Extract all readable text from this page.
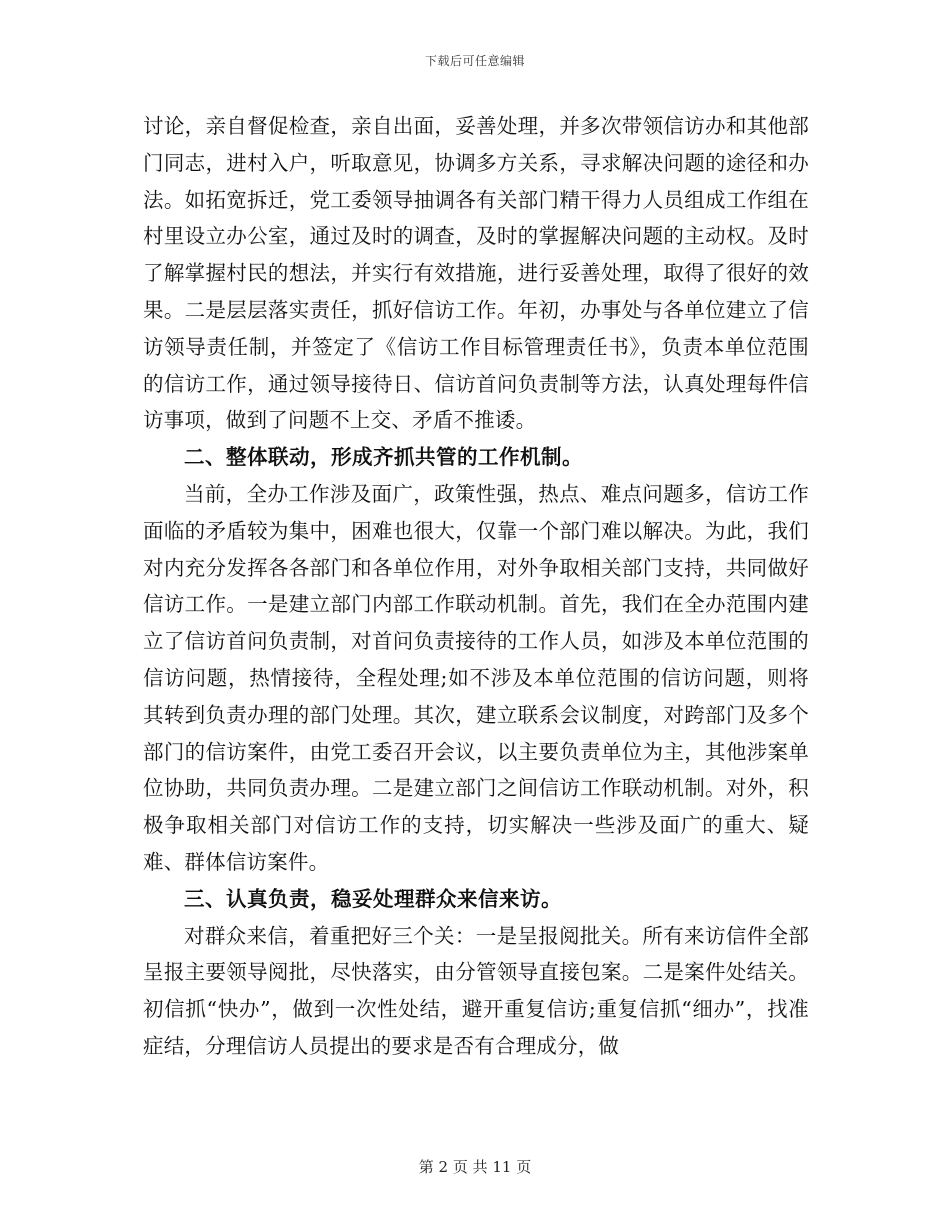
下载后可任意编辑

讨论，亲自督促检查，亲自出面，妥善处理，并多次带领信访办和其他部门同志，进村入户，听取意见，协调多方关系，寻求解决问题的途径和办法。如拓宽拆迁，党工委领导抽调各有关部门精干得力人员组成工作组在村里设立办公室，通过及时的调查，及时的掌握解决问题的主动权。及时了解掌握村民的想法，并实行有效措施，进行妥善处理，取得了很好的效果。二是层层落实责任，抓好信访工作。年初，办事处与各单位建立了信访领导责任制，并签定了《信访工作目标管理责任书》，负责本单位范围的信访工作，通过领导接待日、信访首问负责制等方法，认真处理每件信访事项，做到了问题不上交、矛盾不推诿。

二、整体联动，形成齐抓共管的工作机制。

当前，全办工作涉及面广，政策性强，热点、难点问题多，信访工作面临的矛盾较为集中，困难也很大，仅靠一个部门难以解决。为此，我们对内充分发挥各各部门和各单位作用，对外争取相关部门支持，共同做好信访工作。一是建立部门内部工作联动机制。首先，我们在全办范围内建立了信访首问负责制，对首问负责接待的工作人员，如涉及本单位范围的信访问题，热情接待，全程处理;如不涉及本单位范围的信访问题，则将其转到负责办理的部门处理。其次，建立联系会议制度，对跨部门及多个部门的信访案件，由党工委召开会议，以主要负责单位为主，其他涉案单位协助，共同负责办理。二是建立部门之间信访工作联动机制。对外，积极争取相关部门对信访工作的支持，切实解决一些涉及面广的重大、疑难、群体信访案件。

三、认真负责，稳妥处理群众来信来访。

对群众来信，着重把好三个关：一是呈报阅批关。所有来访信件全部呈报主要领导阅批，尽快落实，由分管领导直接包案。二是案件处结关。初信抓“快办”，做到一次性处结，避开重复信访;重复信抓“细办”，找准症结，分理信访人员提出的要求是否有合理成分，做

第 2 页 共 11 页
